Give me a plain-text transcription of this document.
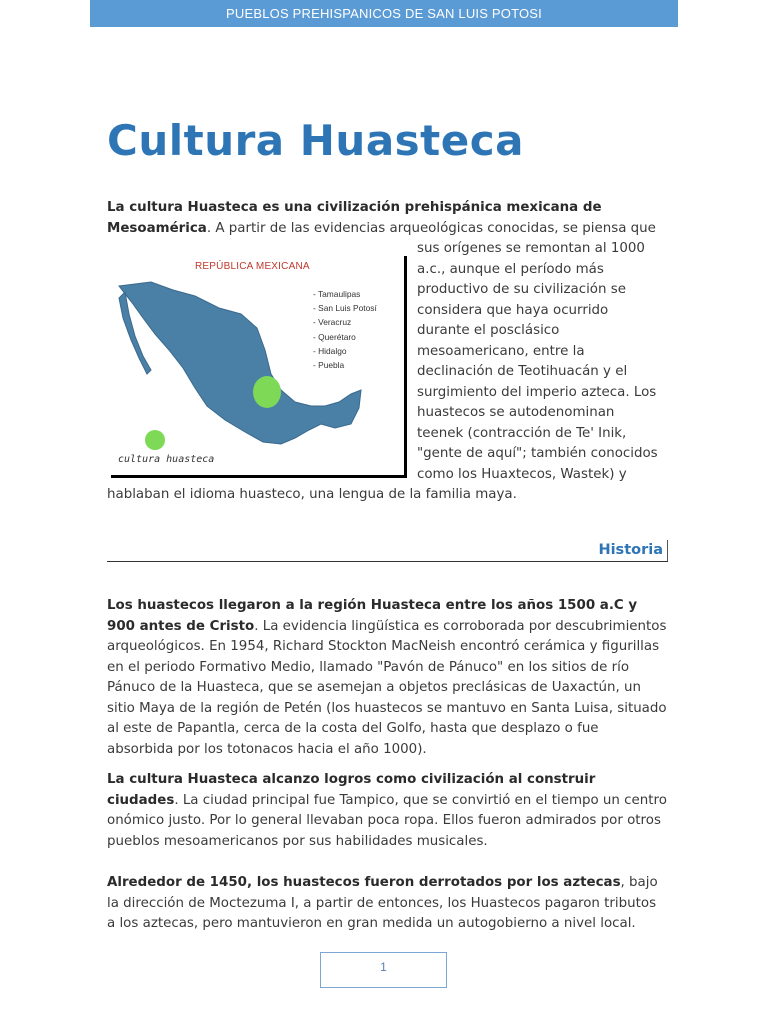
PUEBLOS PREHISPANICOS DE SAN LUIS POTOSI
Cultura Huasteca
La cultura Huasteca es una civilización prehispánica mexicana de Mesoamérica. A partir de las evidencias arqueológicas conocidas, se piensa que
sus orígenes se remontan al 1000
a.c., aunque el período más
productivo de su civilización se
considera que haya ocurrido
durante el posclásico
mesoamericano, entre la
declinación de Teotihuacán y el
surgimiento del imperio azteca. Los
huastecos se autodenominan
teenek (contracción de Te' Inik,
"gente de aquí"; también conocidos
como los Huaxtecos, Wastek) y
hablaban el idioma huasteco, una lengua de la familia maya.
REPÚBLICA MEXICANA
- Tamaulipas
- San Luis Potosí
- Veracruz
- Querétaro
- Hidalgo
- Puebla
cultura huasteca
Historia
Los huastecos llegaron a la región Huasteca entre los años 1500 a.C y 900 antes de Cristo. La evidencia lingüística es corroborada por descubrimientos arqueológicos. En 1954, Richard Stockton MacNeish encontró cerámica y figurillas en el periodo Formativo Medio, llamado "Pavón de Pánuco" en los sitios de río Pánuco de la Huasteca, que se asemejan a objetos preclásicas de Uaxactún, un sitio Maya de la región de Petén (los huastecos se mantuvo en Santa Luisa, situado al este de Papantla, cerca de la costa del Golfo, hasta que desplazo o fue absorbida por los totonacos hacia el año 1000).
La cultura Huasteca alcanzo logros como civilización al construir ciudades. La ciudad principal fue Tampico, que se convirtió en el tiempo un centro onómico justo. Por lo general llevaban poca ropa. Ellos fueron admirados por otros pueblos mesoamericanos por sus habilidades musicales.
Alrededor de 1450, los huastecos fueron derrotados por los aztecas, bajo la dirección de Moctezuma I, a partir de entonces, los Huastecos pagaron tributos a los aztecas, pero mantuvieron en gran medida un autogobierno a nivel local.
1
